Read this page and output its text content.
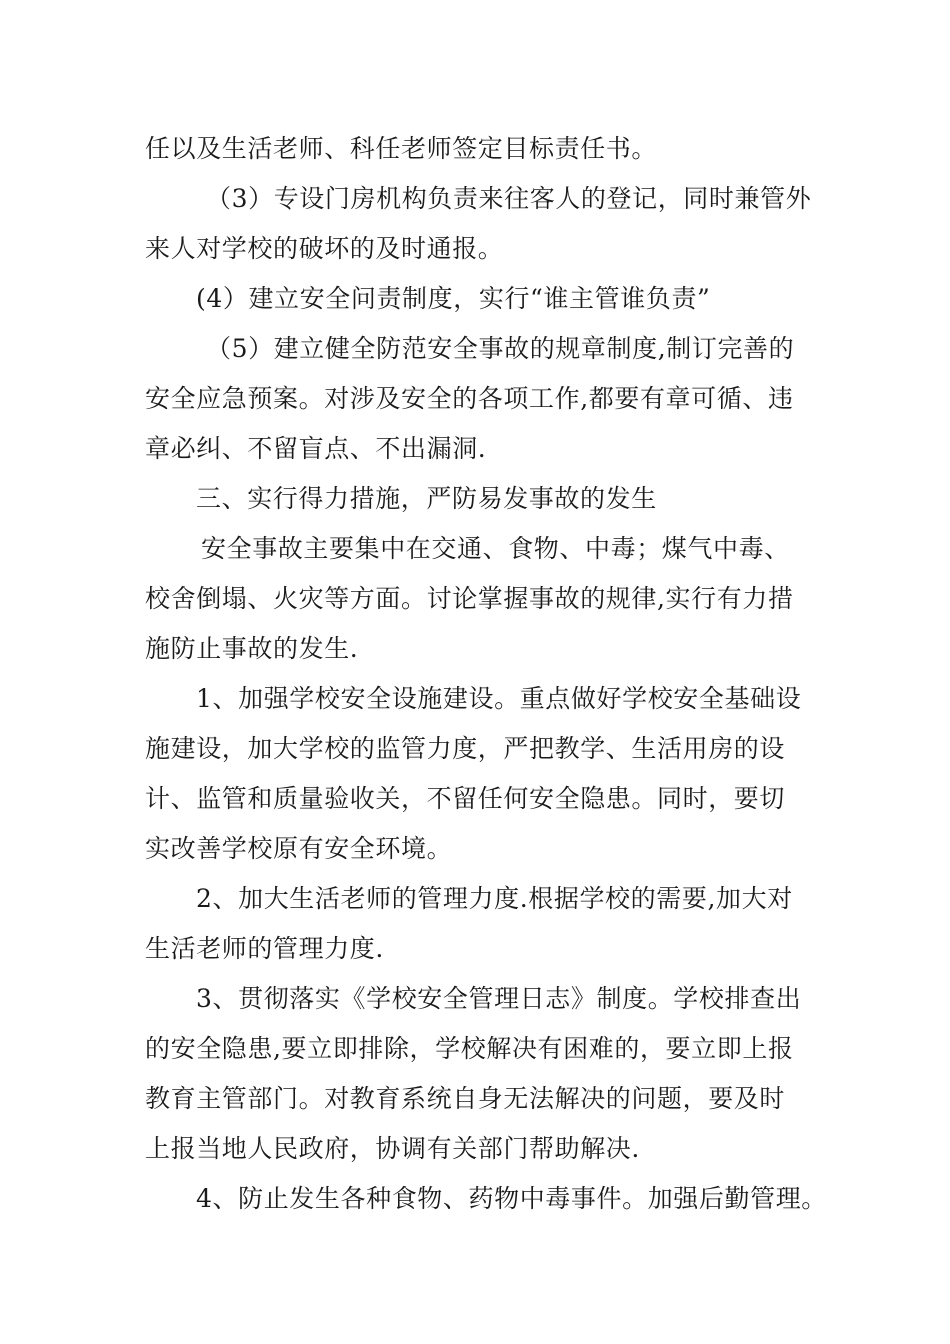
任以及生活老师、科任老师签定目标责任书。
（3）专设门房机构负责来往客人的登记，同时兼管外
来人对学校的破坏的及时通报。
(4）建立安全问责制度，实行“谁主管谁负责”
（5）建立健全防范安全事故的规章制度,制订完善的
安全应急预案。对涉及安全的各项工作,都要有章可循、违
章必纠、不留盲点、不出漏洞.
三、实行得力措施，严防易发事故的发生
安全事故主要集中在交通、食物、中毒；煤气中毒、
校舍倒塌、火灾等方面。讨论掌握事故的规律,实行有力措
施防止事故的发生.
1、加强学校安全设施建设。重点做好学校安全基础设
施建设，加大学校的监管力度，严把教学、生活用房的设
计、监管和质量验收关，不留任何安全隐患。同时，要切
实改善学校原有安全环境。
2、加大生活老师的管理力度.根据学校的需要,加大对
生活老师的管理力度.
3、贯彻落实《学校安全管理日志》制度。学校排查出
的安全隐患,要立即排除，学校解决有困难的，要立即上报
教育主管部门。对教育系统自身无法解决的问题，要及时
上报当地人民政府，协调有关部门帮助解决.
4、防止发生各种食物、药物中毒事件。加强后勤管理。
